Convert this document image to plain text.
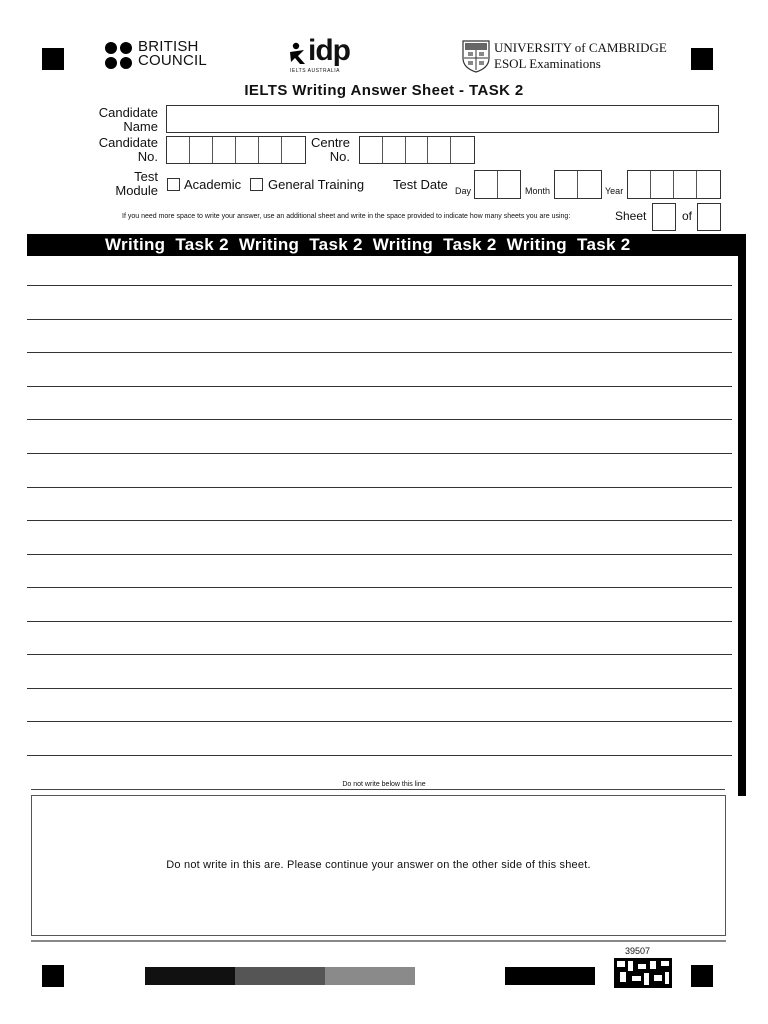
BRITISH
COUNCIL	idp
IELTS AUSTRALIA
UNIVERSITY of CAMBRIDGE
ESOL Examinations
IELTS Writing Answer Sheet - TASK 2
Candidate
Name
Candidate
No.
Centre
No.
Test
Module Academic General Training Test Date Day	Month	Year
If you need more space to write your answer, use an additional sheet and write in the space provided to indicate how many sheets you are using:	Sheet	of
Writing  Task 2  Writing  Task 2  Writing  Task 2  Writing  Task 2
Do not write below this line
Do not write in this are. Please continue your answer on the other side of this sheet.
39507
